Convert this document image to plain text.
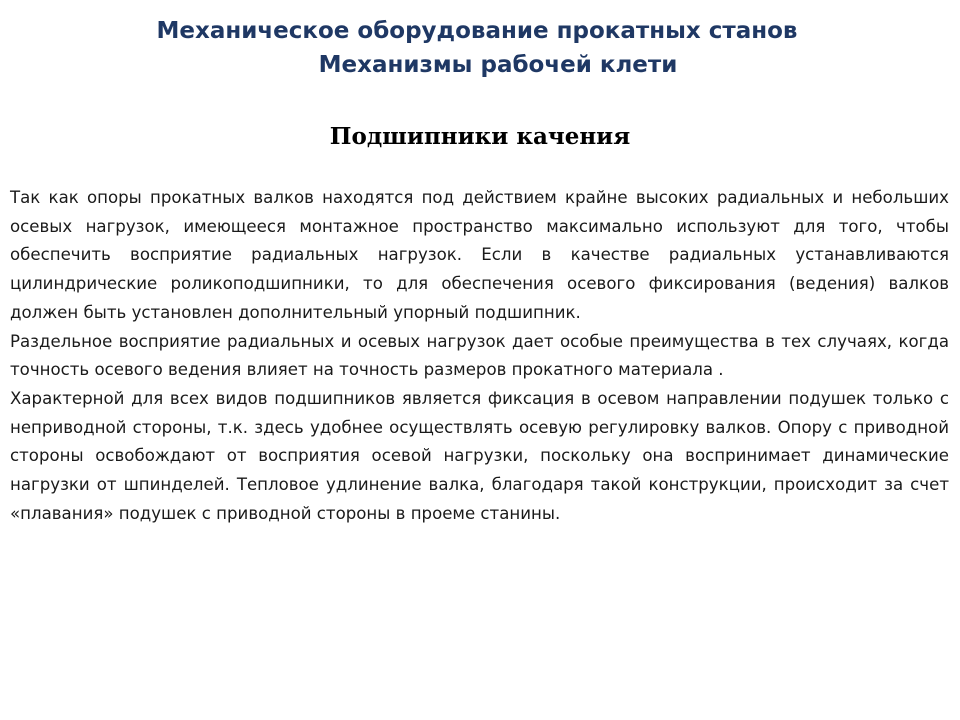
Механическое оборудование прокатных станов
Механизмы рабочей клети
Подшипники качения

Так как опоры прокатных валков находятся под действием крайне высоких радиальных и небольших осевых нагрузок, имеющееся монтажное пространство максимально используют для того, чтобы обеспечить восприятие радиальных нагрузок. Если в качестве радиальных устанавливаются цилиндрические роликоподшипники, то для обеспечения осевого фиксирования (ведения) валков должен быть установлен дополнительный упорный подшипник.

Раздельное восприятие радиальных и осевых нагрузок дает особые преимущества в тех случаях, когда точность осевого ведения влияет на точность размеров прокатного материала .

Характерной для всех видов подшипников является фиксация в осевом направлении подушек только с неприводной стороны, т.к. здесь удобнее осуществлять осевую регулировку валков. Опору с приводной стороны освобождают от восприятия осевой нагрузки, поскольку она воспринимает динамические нагрузки от шпинделей. Тепловое удлинение валка, благодаря такой конструкции, происходит за счет «плавания» подушек с приводной стороны в проеме станины.
